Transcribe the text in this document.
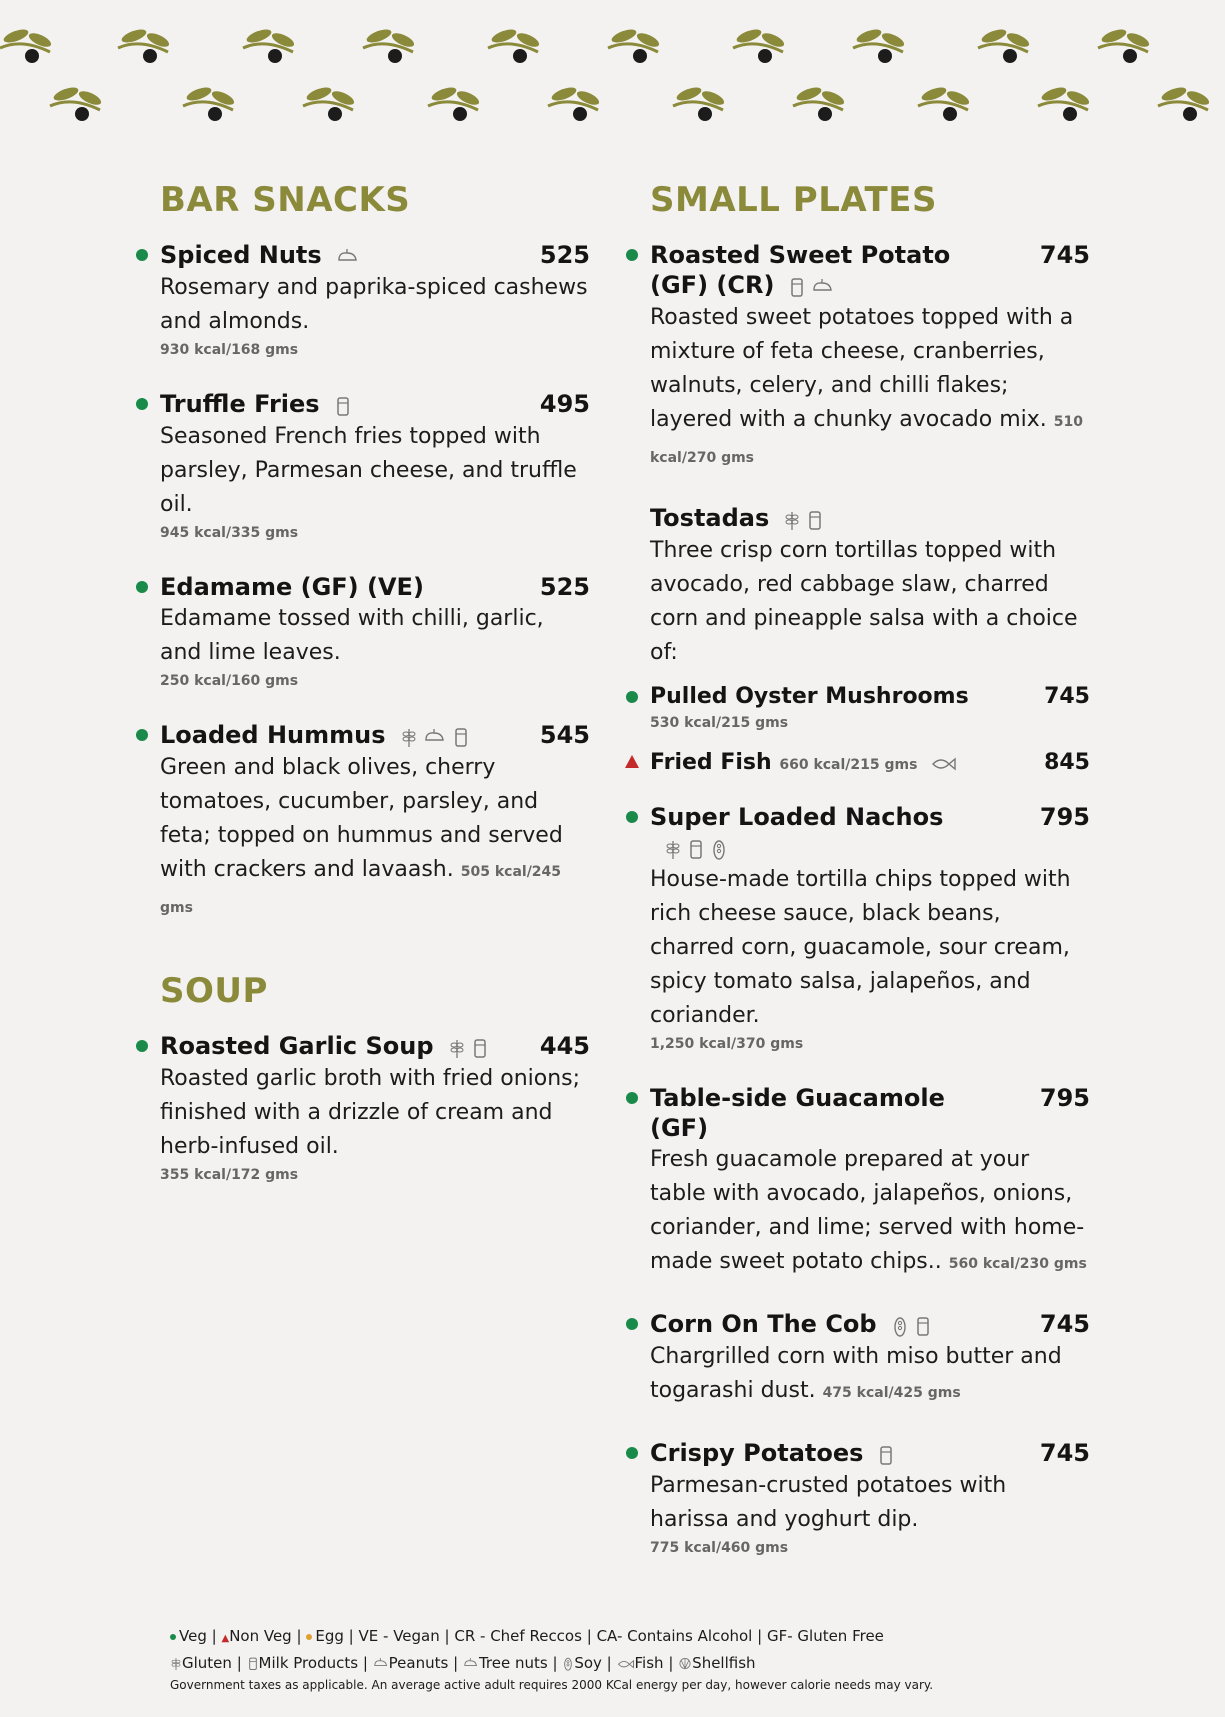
BAR SNACKS
Spiced Nuts	525
Rosemary and paprika-spiced cashews and almonds.
930 kcal/168 gms
Truffle Fries	495
Seasoned French fries topped with parsley, Parmesan cheese, and truffle oil.
945 kcal/335 gms
Edamame (GF) (VE)	525
Edamame tossed with chilli, garlic, and lime leaves.
250 kcal/160 gms
Loaded Hummus	545
Green and black olives, cherry tomatoes, cucumber, parsley, and feta; topped on hummus and served with crackers and lavaash. 505 kcal/245 gms
SOUP
Roasted Garlic Soup	445
Roasted garlic broth with fried onions; finished with a drizzle of cream and herb-infused oil.
355 kcal/172 gms
SMALL PLATES
Roasted Sweet Potato (GF) (CR)
745
Roasted sweet potatoes topped with a mixture of feta cheese, cranberries, walnuts, celery, and chilli flakes; layered with a chunky avocado mix. 510 kcal/270 gms
Tostadas
Three crisp corn tortillas topped with avocado, red cabbage slaw, charred corn and pineapple salsa with a choice of:
Pulled Oyster Mushrooms	745
530 kcal/215 gms
Fried Fish 660 kcal/215 gms	845
Super Loaded Nachos	795
House-made tortilla chips topped with rich cheese sauce, black beans, charred corn, guacamole, sour cream, spicy tomato salsa, jalapeños, and coriander.
1,250 kcal/370 gms
Table-side Guacamole (GF)
795
Fresh guacamole prepared at your table with avocado, jalapeños, onions, coriander, and lime; served with home-made sweet potato chips.. 560 kcal/230 gms
Corn On The Cob	745
Chargrilled corn with miso butter and togarashi dust. 475 kcal/425 gms
Crispy Potatoes	745
Parmesan-crusted potatoes with harissa and yoghurt dip.
775 kcal/460 gms
Veg | ▲Non Veg | Egg | VE - Vegan | CR - Chef Reccos | CA- Contains Alcohol | GF- Gluten Free
Gluten | Milk Products | Peanuts | Tree nuts | Soy | Fish | Shellfish
Government taxes as applicable. An average active adult requires 2000 KCal energy per day, however calorie needs may vary.
